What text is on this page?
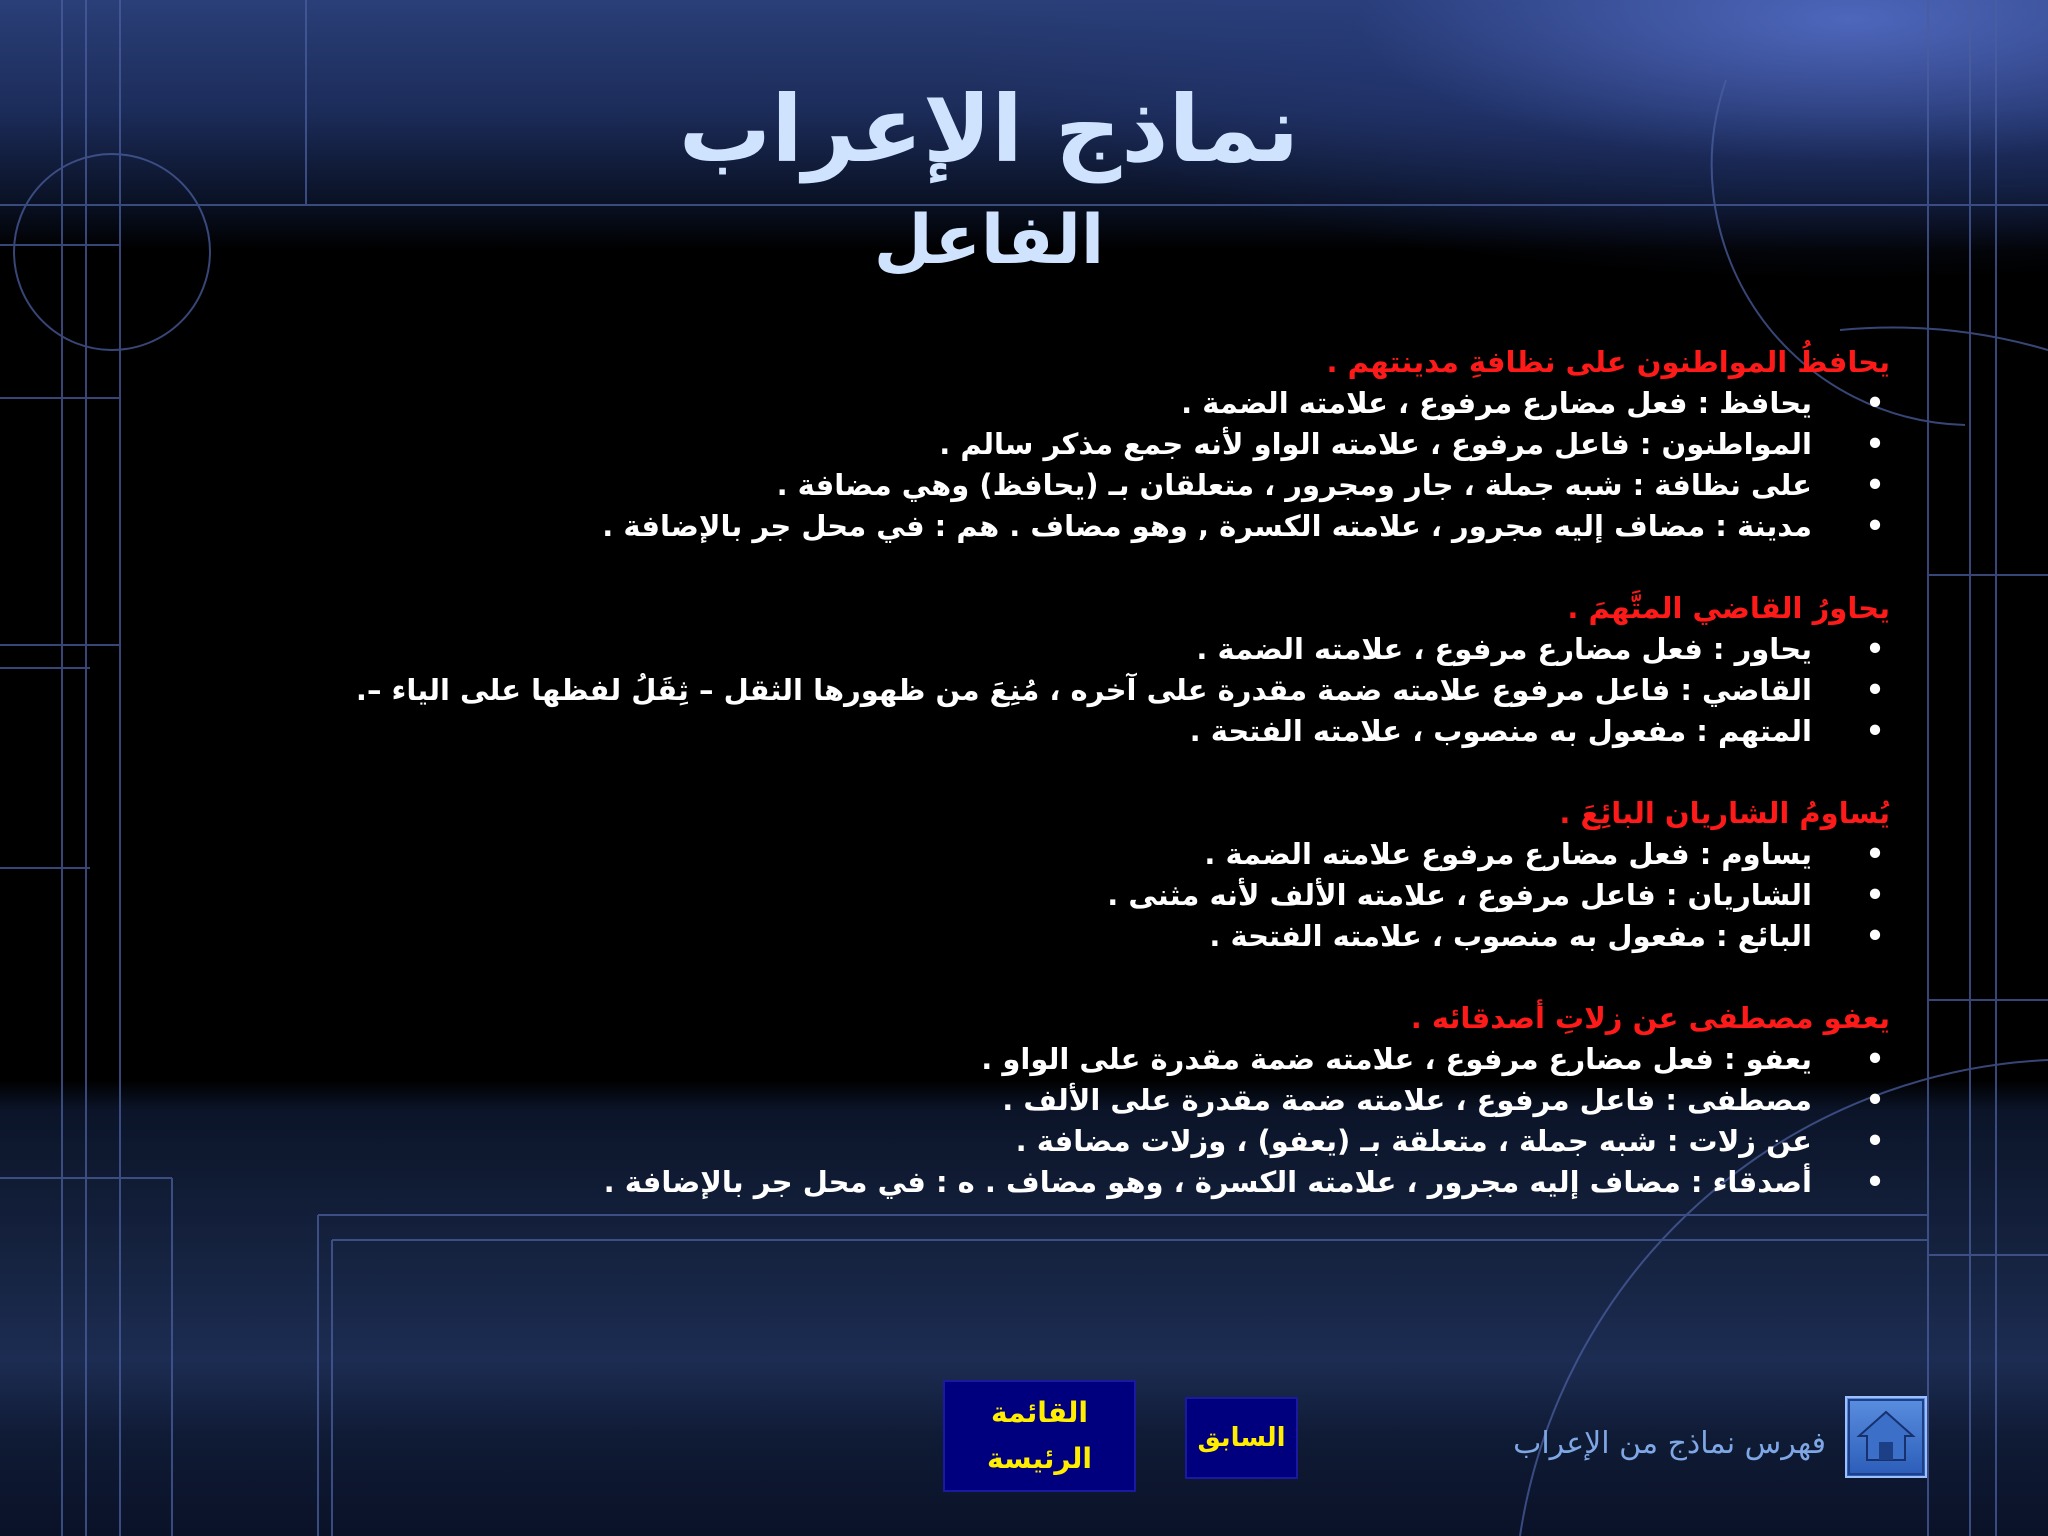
نماذج الإعراب
الفاعل

يحافظُ المواطنون على نظافةِ مدينتهم .

• يحافظ : فعل مضارع مرفوع ، علامته الضمة .
• المواطنون : فاعل مرفوع ، علامته الواو لأنه جمع مذكر سالم .
• على نظافة : شبه جملة ، جار ومجرور ، متعلقان بـ (يحافظ) وهي مضافة .
• مدينة : مضاف إليه مجرور ، علامته الكسرة , وهو مضاف . هم : في محل جر بالإضافة .

يحاورُ القاضي المتَّهمَ .

• يحاور : فعل مضارع مرفوع ، علامته الضمة .
• القاضي : فاعل مرفوع علامته ضمة مقدرة على آخره ، مُنِعَ من ظهورها الثقل – ثِقَلُ لفظها على الياء –.
• المتهم : مفعول به منصوب ، علامته الفتحة .

يُساومُ الشاريان البائِعَ .

• يساوم : فعل مضارع مرفوع علامته الضمة .
• الشاريان : فاعل مرفوع ، علامته الألف لأنه مثنى .
• البائع : مفعول به منصوب ، علامته الفتحة .

يعفو مصطفى عن زلاتِ أصدقائه .

• يعفو : فعل مضارع مرفوع ، علامته ضمة مقدرة على الواو .
• مصطفى : فاعل مرفوع ، علامته ضمة مقدرة على الألف .
• عن زلات : شبه جملة ، متعلقة بـ (يعفو) ، وزلات مضافة .
• أصدقاء : مضاف إليه مجرور ، علامته الكسرة ، وهو مضاف . ه : في محل جر بالإضافة .
القائمة الرئيسة
السابق	فهرس نماذج من الإعراب
